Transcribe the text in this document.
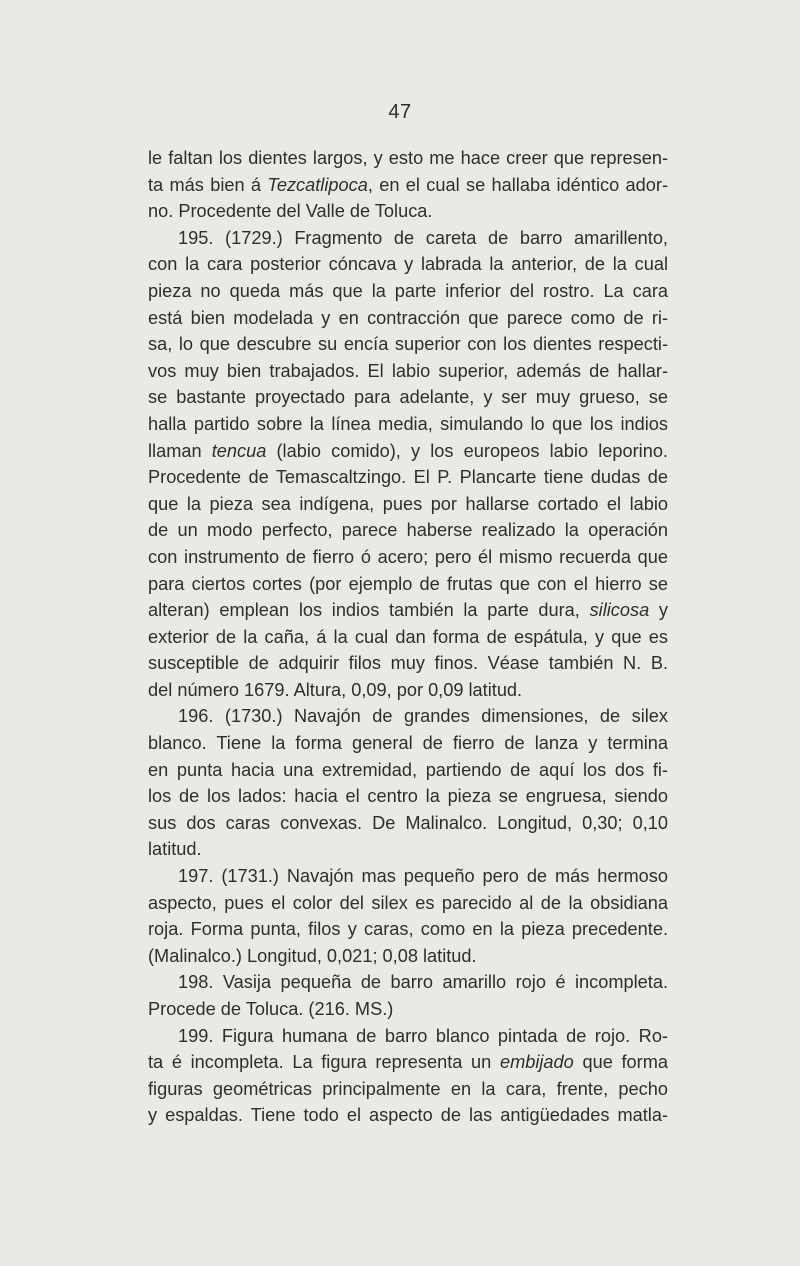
47
le faltan los dientes largos, y esto me hace creer que represen-
ta más bien á Tezcatlipoca, en el cual se hallaba idéntico ador-
no. Procedente del Valle de Toluca.
195. (1729.) Fragmento de careta de barro amarillento,
con la cara posterior cóncava y labrada la anterior, de la cual
pieza no queda más que la parte inferior del rostro. La cara
está bien modelada y en contracción que parece como de ri-
sa, lo que descubre su encía superior con los dientes respecti-
vos muy bien trabajados. El labio superior, además de hallar-
se bastante proyectado para adelante, y ser muy grueso, se
halla partido sobre la línea media, simulando lo que los indios
llaman tencua (labio comido), y los europeos labio leporino.
Procedente de Temascaltzingo. El P. Plancarte tiene dudas de
que la pieza sea indígena, pues por hallarse cortado el labio
de un modo perfecto, parece haberse realizado la operación
con instrumento de fierro ó acero; pero él mismo recuerda que
para ciertos cortes (por ejemplo de frutas que con el hierro se
alteran) emplean los indios también la parte dura, silicosa y
exterior de la caña, á la cual dan forma de espátula, y que es
susceptible de adquirir filos muy finos. Véase también N. B.
del número 1679. Altura, 0,09, por 0,09 latitud.
196. (1730.) Navajón de grandes dimensiones, de silex
blanco. Tiene la forma general de fierro de lanza y termina
en punta hacia una extremidad, partiendo de aquí los dos fi-
los de los lados: hacia el centro la pieza se engruesa, siendo
sus dos caras convexas. De Malinalco. Longitud, 0,30; 0,10
latitud.
197. (1731.) Navajón mas pequeño pero de más hermoso
aspecto, pues el color del silex es parecido al de la obsidiana
roja. Forma punta, filos y caras, como en la pieza precedente.
(Malinalco.) Longitud, 0,021; 0,08 latitud.
198. Vasija pequeña de barro amarillo rojo é incompleta.
Procede de Toluca. (216. MS.)
199. Figura humana de barro blanco pintada de rojo. Ro-
ta é incompleta. La figura representa un embijado que forma
figuras geométricas principalmente en la cara, frente, pecho
y espaldas. Tiene todo el aspecto de las antigüedades matla-
